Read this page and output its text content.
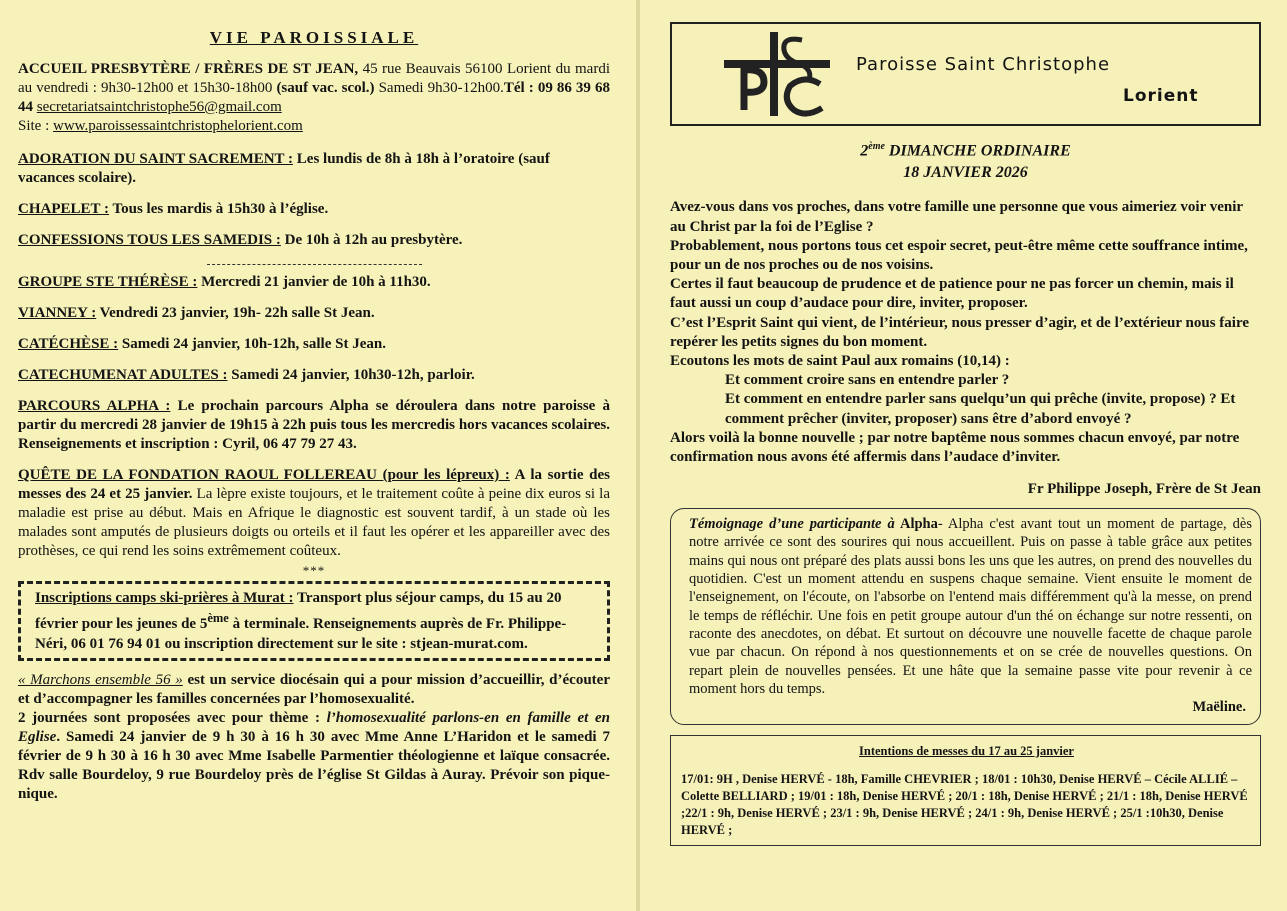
VIE PAROISSIALE

ACCUEIL PRESBYTÈRE / FRÈRES DE ST JEAN, 45 rue Beauvais 56100 Lorient du mardi au vendredi : 9h30-12h00 et 15h30-18h00 (sauf vac. scol.) Samedi 9h30-12h00.Tél : 09 86 39 68 44 secretariatsaintchristophe56@gmail.com
Site : www.paroissessaintchristophelorient.com

ADORATION DU SAINT SACREMENT : Les lundis de 8h à 18h à l’oratoire (sauf vacances scolaire).

CHAPELET : Tous les mardis à 15h30 à l’église.

CONFESSIONS TOUS LES SAMEDIS : De 10h à 12h au presbytère.

GROUPE STE THÉRÈSE : Mercredi 21 janvier de 10h à 11h30.

VIANNEY : Vendredi 23 janvier, 19h- 22h salle St Jean.

CATÉCHÈSE : Samedi 24 janvier, 10h-12h, salle St Jean.

CATECHUMENAT ADULTES : Samedi 24 janvier, 10h30-12h, parloir.

PARCOURS ALPHA : Le prochain parcours Alpha se déroulera dans notre paroisse à partir du mercredi 28 janvier de 19h15 à 22h puis tous les mercredis hors vacances scolaires. Renseignements et inscription : Cyril, 06 47 79 27 43.

QUÊTE DE LA FONDATION RAOUL FOLLEREAU (pour les lépreux) : A la sortie des messes des 24 et 25 janvier. La lèpre existe toujours, et le traitement coûte à peine dix euros si la maladie est prise au début. Mais en Afrique le diagnostic est souvent tardif, à un stade où les malades sont amputés de plusieurs doigts ou orteils et il faut les opérer et les appareiller avec des prothèses, ce qui rend les soins extrêmement coûteux.

***

Inscriptions camps ski-prières à Murat : Transport plus séjour camps, du 15 au 20 février pour les jeunes de 5ème à terminale. Renseignements auprès de Fr. Philippe-Néri, 06 01 76 94 01 ou inscription directement sur le site : stjean-murat.com.

« Marchons ensemble 56 » est un service diocésain qui a pour mission d’accueillir, d’écouter et d’accompagner les familles concernées par l’homosexualité.
2 journées sont proposées avec pour thème : l’homosexualité parlons-en en famille et en Eglise. Samedi 24 janvier de 9 h 30 à 16 h 30 avec Mme Anne L’Haridon et le samedi 7 février de 9 h 30 à 16 h 30 avec Mme Isabelle Parmentier théologienne et laïque consacrée. Rdv salle Bourdeloy, 9 rue Bourdeloy près de l’église St Gildas à Auray. Prévoir son pique-nique.

Paroisse Saint Christophe
Lorient
2ème DIMANCHE ORDINAIRE
18 JANVIER 2026

Avez-vous dans vos proches, dans votre famille une personne que vous aimeriez voir venir au Christ par la foi de l’Eglise ?

Probablement, nous portons tous cet espoir secret, peut-être même cette souffrance intime, pour un de nos proches ou de nos voisins.

Certes il faut beaucoup de prudence et de patience pour ne pas forcer un chemin, mais il faut aussi un coup d’audace pour dire, inviter, proposer.

C’est l’Esprit Saint qui vient, de l’intérieur, nous presser d’agir, et de l’extérieur nous faire repérer les petits signes du bon moment.

Ecoutons les mots de saint Paul aux romains (10,14) :

Et comment croire sans en entendre parler ?

Et comment en entendre parler sans quelqu’un qui prêche (invite, propose) ? Et comment prêcher (inviter, proposer) sans être d’abord envoyé ?

Alors voilà la bonne nouvelle ; par notre baptême nous sommes chacun envoyé, par notre confirmation nous avons été affermis dans l’audace d’inviter.

Fr Philippe Joseph, Frère de St Jean

Témoignage d’une participante à Alpha- Alpha c'est avant tout un moment de partage, dès notre arrivée ce sont des sourires qui nous accueillent. Puis on passe à table grâce aux petites mains qui nous ont préparé des plats aussi bons les uns que les autres, on prend des nouvelles du quotidien. C'est un moment attendu en suspens chaque semaine. Vient ensuite le moment de l'enseignement, on l'écoute, on l'absorbe on l'entend mais différemment qu'à la messe, on prend le temps de réfléchir. Une fois en petit groupe autour d'un thé on échange sur notre ressenti, on raconte des anecdotes, on débat. Et surtout on découvre une nouvelle facette de chaque parole vue par chacun. On répond à nos questionnements et on se crée de nouvelles questions. On repart plein de nouvelles pensées. Et une hâte que la semaine passe vite pour revenir à ce moment hors du temps.

Maëline.

Intentions de messes du 17 au 25 janvier

17/01: 9H , Denise HERVÉ - 18h, Famille CHEVRIER ; 18/01 : 10h30, Denise HERVÉ – Cécile ALLIÉ – Colette BELLIARD ; 19/01 : 18h, Denise HERVÉ ; 20/1 : 18h, Denise HERVÉ ; 21/1 : 18h, Denise HERVÉ ;22/1 : 9h, Denise HERVÉ ; 23/1 : 9h, Denise HERVÉ ; 24/1 : 9h, Denise HERVÉ ; 25/1 :10h30, Denise HERVÉ ;
